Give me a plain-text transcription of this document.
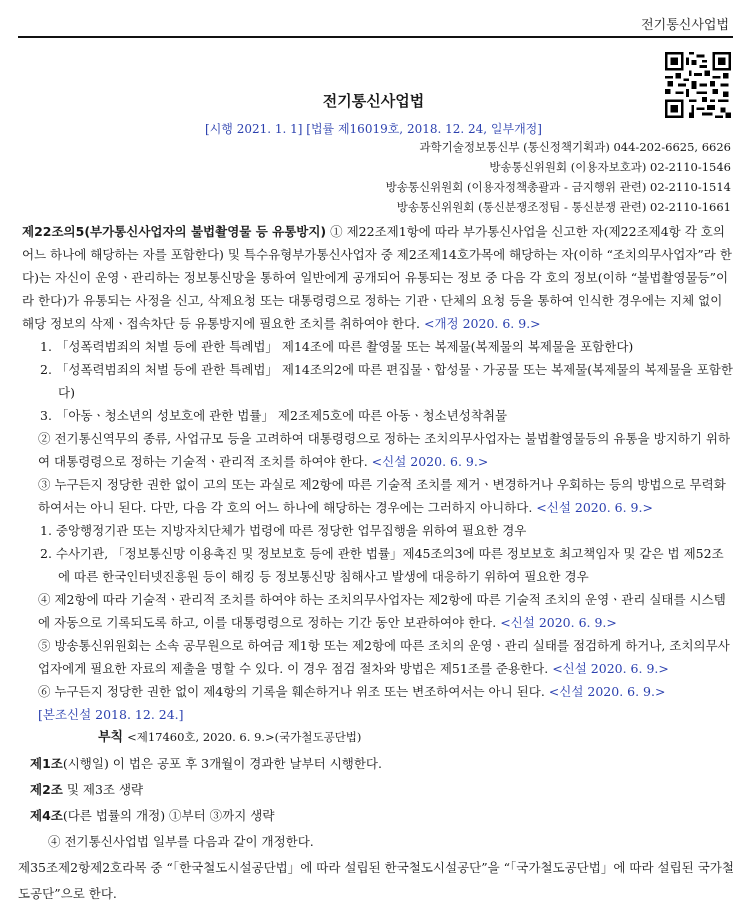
전기통신사업법
전기통신사업법
[시행 2021. 1. 1] [법률 제16019호, 2018. 12. 24, 일부개정]
과학기술정보통신부 (통신정책기획과) 044-202-6625, 6626
방송통신위원회 (이용자보호과) 02-2110-1546
방송통신위원회 (이용자정책총괄과 - 금지행위 관련) 02-2110-1514
방송통신위원회 (통신분쟁조정팀 - 통신분쟁 관련) 02-2110-1661

제22조의5(부가통신사업자의 불법촬영물 등 유통방지) ① 제22조제1항에 따라 부가통신사업을 신고한 자(제22조제4항 각 호의 어느 하나에 해당하는 자를 포함한다) 및 특수유형부가통신사업자 중 제2조제14호가목에 해당하는 자(이하 “조치의무사업자”라 한다)는 자신이 운영ㆍ관리하는 정보통신망을 통하여 일반에게 공개되어 유통되는 정보 중 다음 각 호의 정보(이하 “불법촬영물등”이라 한다)가 유통되는 사정을 신고, 삭제요청 또는 대통령령으로 정하는 기관ㆍ단체의 요청 등을 통하여 인식한 경우에는 지체 없이 해당 정보의 삭제ㆍ접속차단 등 유통방지에 필요한 조치를 취하여야 한다. <개정 2020. 6. 9.>

1. 「성폭력범죄의 처벌 등에 관한 특례법」 제14조에 따른 촬영물 또는 복제물(복제물의 복제물을 포함한다)

2. 「성폭력범죄의 처벌 등에 관한 특례법」 제14조의2에 따른 편집물ㆍ합성물ㆍ가공물 또는 복제물(복제물의 복제물을 포함한다)

3. 「아동ㆍ청소년의 성보호에 관한 법률」 제2조제5호에 따른 아동ㆍ청소년성착취물

② 전기통신역무의 종류, 사업규모 등을 고려하여 대통령령으로 정하는 조치의무사업자는 불법촬영물등의 유통을 방지하기 위하여 대통령령으로 정하는 기술적ㆍ관리적 조치를 하여야 한다. <신설 2020. 6. 9.>

③ 누구든지 정당한 권한 없이 고의 또는 과실로 제2항에 따른 기술적 조치를 제거ㆍ변경하거나 우회하는 등의 방법으로 무력화하여서는 아니 된다. 다만, 다음 각 호의 어느 하나에 해당하는 경우에는 그러하지 아니하다. <신설 2020. 6. 9.>

1. 중앙행정기관 또는 지방자치단체가 법령에 따른 정당한 업무집행을 위하여 필요한 경우

2. 수사기관, 「정보통신망 이용촉진 및 정보보호 등에 관한 법률」제45조의3에 따른 정보보호 최고책임자 및 같은 법 제52조에 따른 한국인터넷진흥원 등이 해킹 등 정보통신망 침해사고 발생에 대응하기 위하여 필요한 경우

④ 제2항에 따라 기술적ㆍ관리적 조치를 하여야 하는 조치의무사업자는 제2항에 따른 기술적 조치의 운영ㆍ관리 실태를 시스템에 자동으로 기록되도록 하고, 이를 대통령령으로 정하는 기간 동안 보관하여야 한다. <신설 2020. 6. 9.>

⑤ 방송통신위원회는 소속 공무원으로 하여금 제1항 또는 제2항에 따른 조치의 운영ㆍ관리 실태를 점검하게 하거나, 조치의무사업자에게 필요한 자료의 제출을 명할 수 있다. 이 경우 점검 절차와 방법은 제51조를 준용한다. <신설 2020. 6. 9.>

⑥ 누구든지 정당한 권한 없이 제4항의 기록을 훼손하거나 위조 또는 변조하여서는 아니 된다. <신설 2020. 6. 9.>

[본조신설 2018. 12. 24.]

부칙 <제17460호, 2020. 6. 9.>(국가철도공단법)
제1조(시행일) 이 법은 공포 후 3개월이 경과한 날부터 시행한다.
제2조 및 제3조 생략
제4조(다른 법률의 개정) ①부터 ③까지 생략
④ 전기통신사업법 일부를 다음과 같이 개정한다.
제35조제2항제2호라목 중 “「한국철도시설공단법」에 따라 설립된 한국철도시설공단”을 “「국가철도공단법」에 따라 설립된 국가철도공단”으로 한다.
